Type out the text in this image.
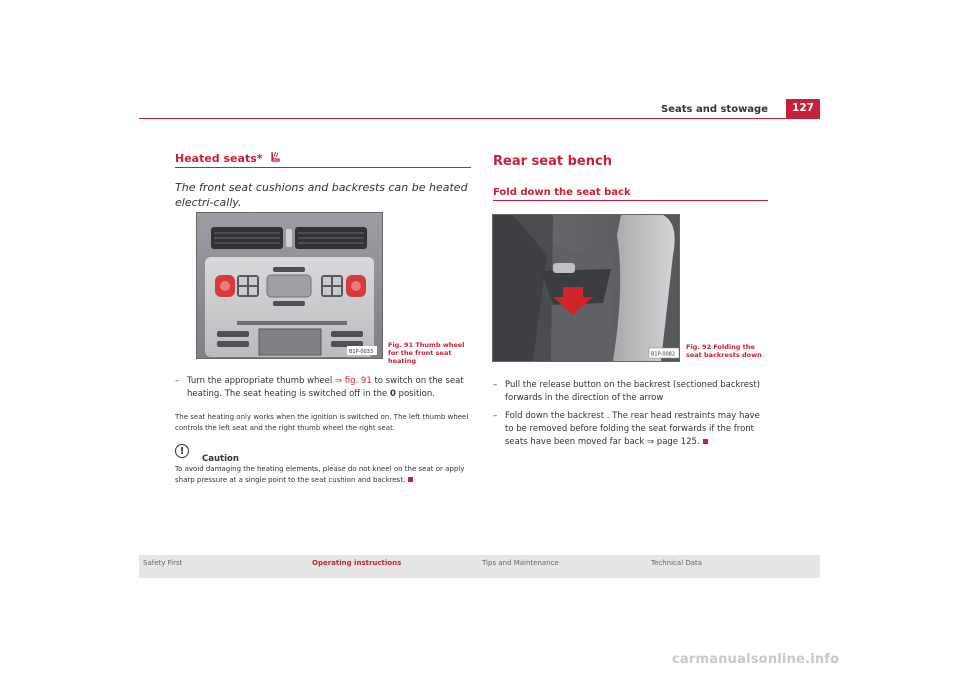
Seats and stowage	127
Heated seats*
The front seat cushions and backrests can be heated electri-cally.
B1P-0033
Fig. 91 Thumb wheel for the front seat heating
– Turn the appropriate thumb wheel ⇒ fig. 91 to switch on the seat heating. The seat heating is switched off in the 0 position.
The seat heating only works when the ignition is switched on. The left thumb wheel controls the left seat and the right thumb wheel the right seat.
!
Caution
To avoid damaging the heating elements, please do not kneel on the seat or apply sharp pressure at a single point to the seat cushion and backrest.
Rear seat bench
Fold down the seat back
B1P-0082
Fig. 92 Folding the seat backrests down
– Pull the release button on the backrest (sectioned backrest) forwards in the direction of the arrow
– Fold down the backrest . The rear head restraints may have to be removed before folding the seat forwards if the front seats have been moved far back ⇒ page 125.
Safety First	Operating instructions	Tips and Maintenance	Technical Data
carmanualsonline.info
